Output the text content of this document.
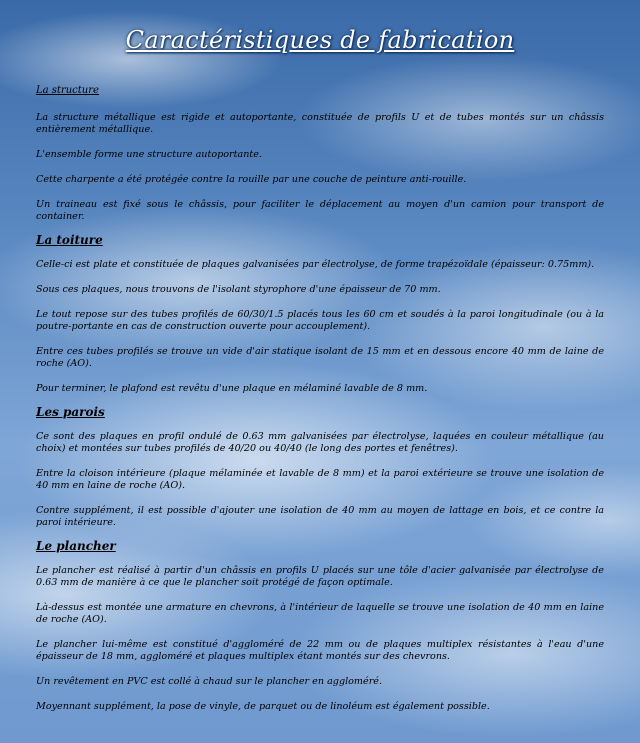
Caractéristiques de fabrication
La structure

La structure métallique est rigide et autoportante, constituée de profils U et de tubes montés sur un châssis entièrement métallique.

L'ensemble forme une structure autoportante.

Cette charpente a été protégée contre la rouille par une couche de peinture anti-rouille.

Un traineau est fixé sous le châssis, pour faciliter le déplacement au moyen d'un camion pour transport de container.

La toiture

Celle-ci est plate et constituée de plaques galvanisées par électrolyse, de forme trapézoïdale (épaisseur: 0.75mm).

Sous ces plaques, nous trouvons de l'isolant styrophore d'une épaisseur de 70 mm.

Le tout repose sur des tubes profilés de 60/30/1.5 placés tous les 60 cm et soudés à la paroi longitudinale (ou à la poutre-portante en cas de construction ouverte pour accouplement).

Entre ces tubes profilés se trouve un vide d'air statique isolant de 15 mm et en dessous encore 40 mm de laine de roche (AO).

Pour terminer, le plafond est revêtu d'une plaque en mélaminé lavable de 8 mm.

Les parois

Ce sont des plaques en profil ondulé de 0.63 mm galvanisées par électrolyse, laquées en couleur métallique (au choix) et montées sur tubes profilés de 40/20 ou 40/40 (le long des portes et fenêtres).

Entre la cloison intérieure (plaque mélaminée et lavable de 8 mm) et la paroi extérieure se trouve une isolation de 40 mm en laine de roche (AO).

Contre supplément, il est possible d'ajouter une isolation de 40 mm au moyen de lattage en bois, et ce contre la paroi intérieure.

Le plancher

Le plancher est réalisé à partir d'un châssis en profils U placés sur une tôle d'acier galvanisée par électrolyse de 0.63 mm de manière à ce que le plancher soit protégé de façon optimale.

Là-dessus est montée une armature en chevrons, à l'intérieur de laquelle se trouve une isolation de 40 mm en laine de roche (AO).

Le plancher lui-même est constitué d'aggloméré de 22 mm ou de plaques multiplex résistantes à l'eau d'une épaisseur de 18 mm, aggloméré et plaques multiplex étant montés sur des chevrons.

Un revêtement en PVC est collé à chaud sur le plancher en aggloméré.

Moyennant supplément, la pose de vinyle, de parquet ou de linoléum est également possible.
